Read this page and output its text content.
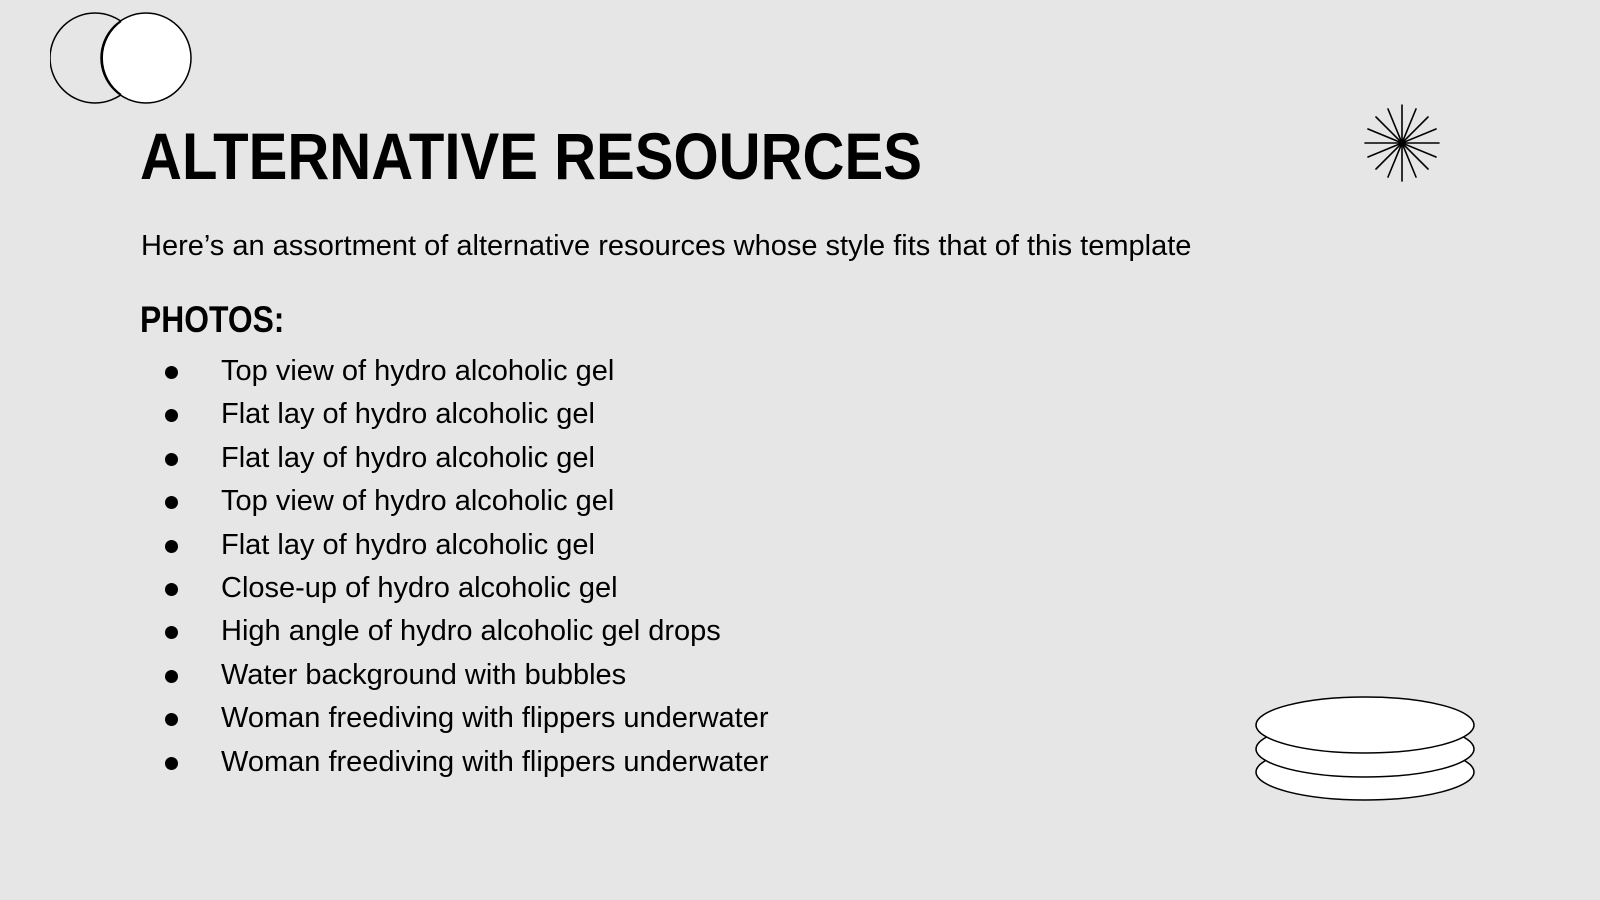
ALTERNATIVE RESOURCES

Here’s an assortment of alternative resources whose style fits that of this template

PHOTOS:
Top view of hydro alcoholic gel
Flat lay of hydro alcoholic gel
Flat lay of hydro alcoholic gel
Top view of hydro alcoholic gel
Flat lay of hydro alcoholic gel
Close-up of hydro alcoholic gel
High angle of hydro alcoholic gel drops
Water background with bubbles
Woman freediving with flippers underwater
Woman freediving with flippers underwater
